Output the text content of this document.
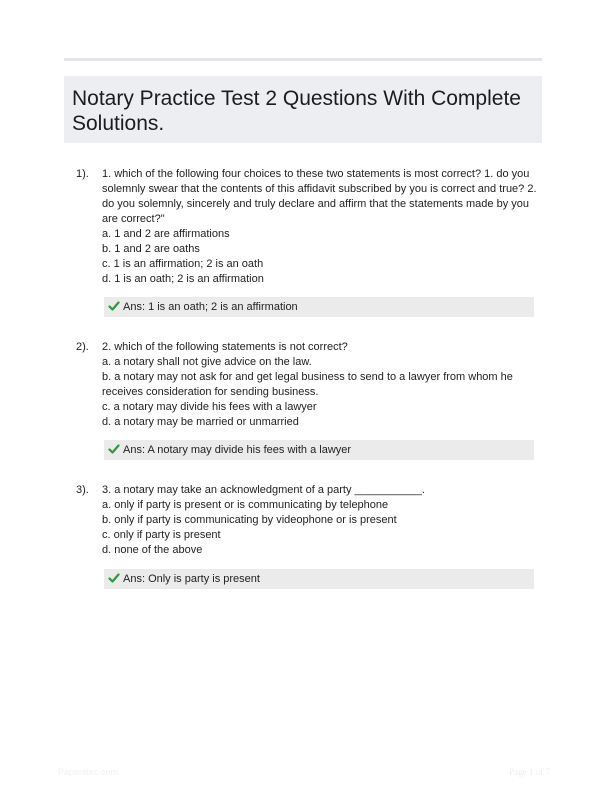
Notary Practice Test 2 Questions With Complete Solutions.
1). 1. which of the following four choices to these two statements is most correct? 1. do you solemnly swear that the contents of this affidavit subscribed by you is correct and true? 2. do you solemnly, sincerely and truly declare and affirm that the statements made by you are correct?"

a. 1 and 2 are affirmations

b. 1 and 2 are oaths

c. 1 is an affirmation; 2 is an oath

d. 1 is an oath; 2 is an affirmation

Ans: 1 is an oath; 2 is an affirmation
2). 2. which of the following statements is not correct?

a. a notary shall not give advice on the law.

b. a notary may not ask for and get legal business to send to a lawyer from whom he receives consideration for sending business.

c. a notary may divide his fees with a lawyer

d. a notary may be married or unmarried

Ans: A notary may divide his fees with a lawyer
3). 3. a notary may take an acknowledgment of a party ___________.

a. only if party is present or is communicating by telephone

b. only if party is communicating by videophone or is present

c. only if party is present

d. none of the above

Ans: Only is party is present
Paperlibrc.com	Page 1 of 7
